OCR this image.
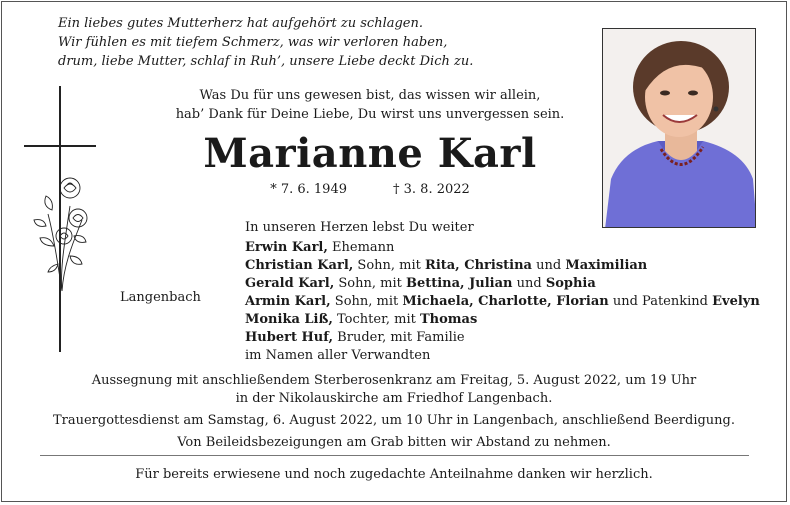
Ein liebes gutes Mutterherz hat aufgehört zu schlagen.
Wir fühlen es mit tiefem Schmerz, was wir verloren haben,
drum, liebe Mutter, schlaf in Ruh’, unsere Liebe deckt Dich zu.
Was Du für uns gewesen bist, das wissen wir allein,
hab’ Dank für Deine Liebe, Du wirst uns unvergessen sein.
Marianne Karl
* 7. 6. 1949	† 3. 8. 2022
Langenbach
In unseren Herzen lebst Du weiter
Erwin Karl, Ehemann
Christian Karl, Sohn, mit Rita, Christina und Maximilian
Gerald Karl, Sohn, mit Bettina, Julian und Sophia
Armin Karl, Sohn, mit Michaela, Charlotte, Florian und Patenkind Evelyn
Monika Liß, Tochter, mit Thomas
Hubert Huf, Bruder, mit Familie
im Namen aller Verwandten
Aussegnung mit anschließendem Sterberosenkranz am Freitag, 5. August 2022, um 19 Uhr
in der Nikolauskirche am Friedhof Langenbach.
Trauergottesdienst am Samstag, 6. August 2022, um 10 Uhr in Langenbach, anschließend Beerdigung.
Von Beileidsbezeigungen am Grab bitten wir Abstand zu nehmen.
Für bereits erwiesene und noch zugedachte Anteilnahme danken wir herzlich.
